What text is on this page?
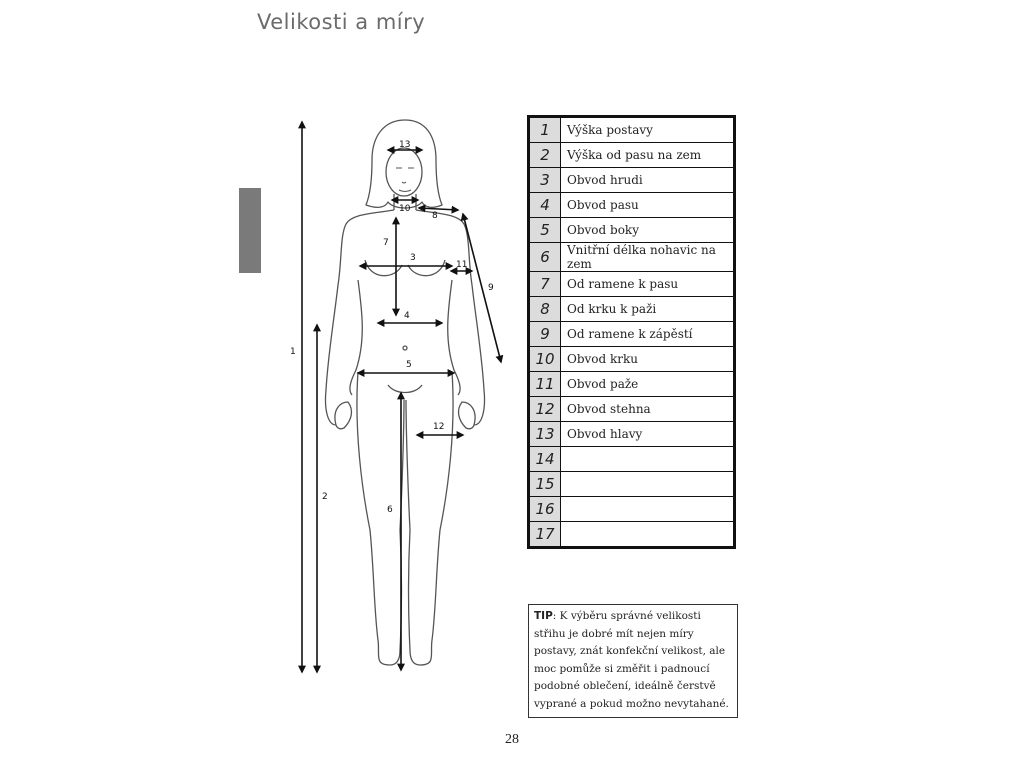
Velikosti a míry
1
2
3
4
5
6
7
8
9
10
11
12
13
1	Výška postavy
2	Výška od pasu na zem
3	Obvod hrudi
4	Obvod pasu
5	Obvod boky
6	Vnitřní délka nohavic na zem
7	Od ramene k pasu
8	Od krku k paži
9	Od ramene k zápěstí
10	Obvod krku
11	Obvod paže
12	Obvod stehna
13	Obvod hlavy
14	
15	
16	
17	
TIP: K výběru správné velikosti střihu je dobré mít nejen míry postavy, znát konfekční velikost, ale moc pomůže si změřit i padnoucí podobné oblečení, ideálně čerstvě vyprané a pokud možno nevytahané.
28
